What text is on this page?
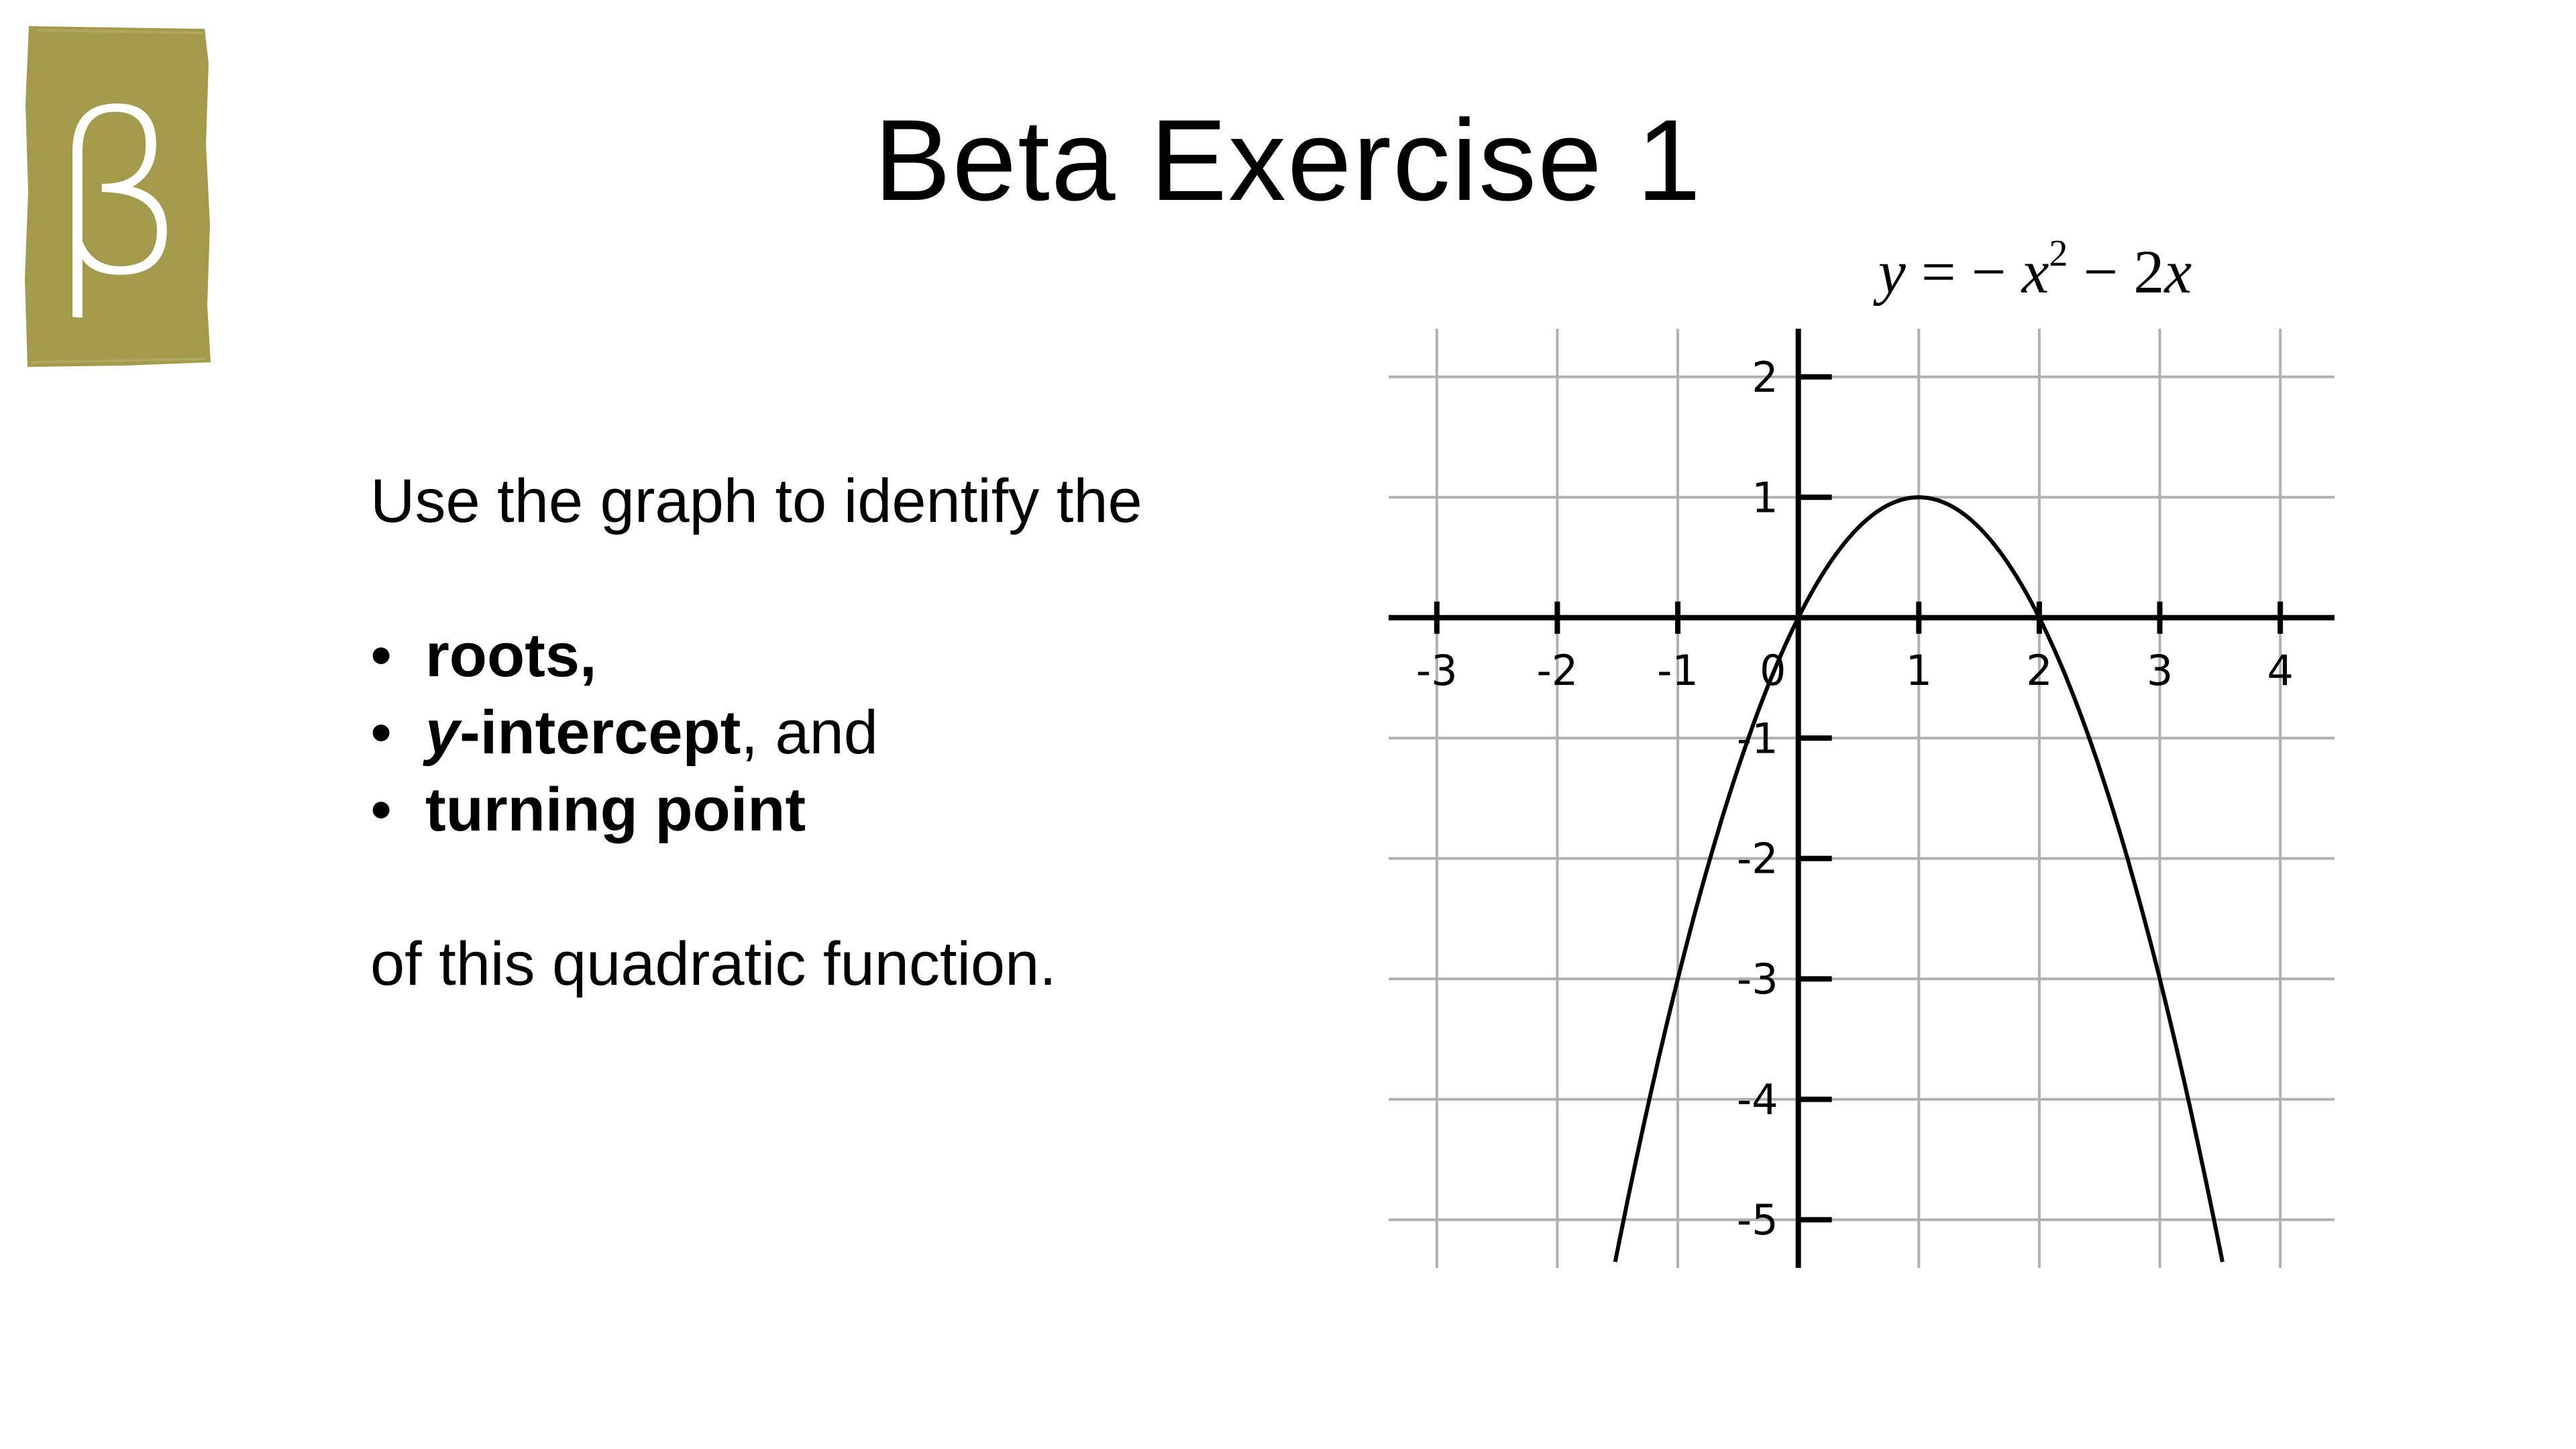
β	Beta Exercise 1

Use the graph to identify the

• roots,
• y-intercept, and
• turning point

of this quadratic function.

y = − $x^2 - 2x$
-3 -2 -1 0	1 2 3 4
2
1
-1
-2
-3
-4
-5
